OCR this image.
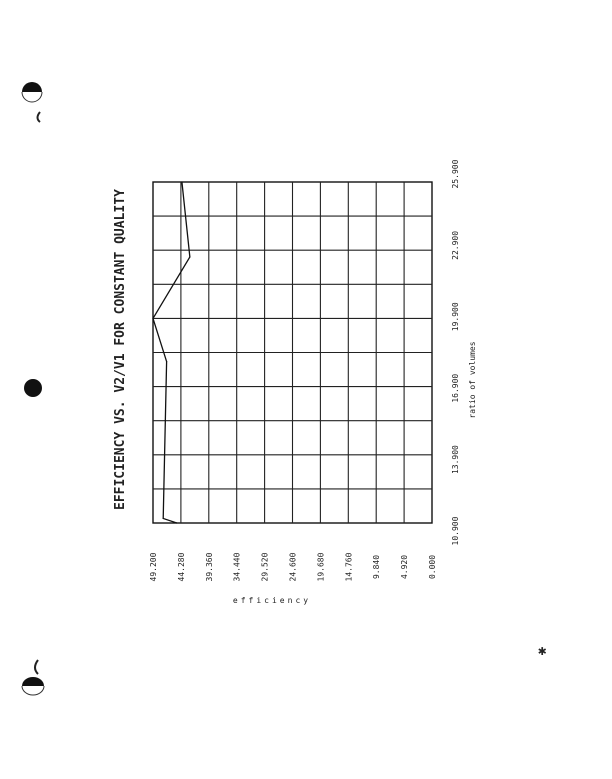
✱
EFFICIENCY VS. V2/V1 FOR CONSTANT QUALITY
49.200 44.280 39.360 34.440 29.520 24.600 19.680 14.760 9.840 4.920 0.000
10.900
13.900
16.900
19.900
22.900
25.900
ratio of volumes
efficiency
